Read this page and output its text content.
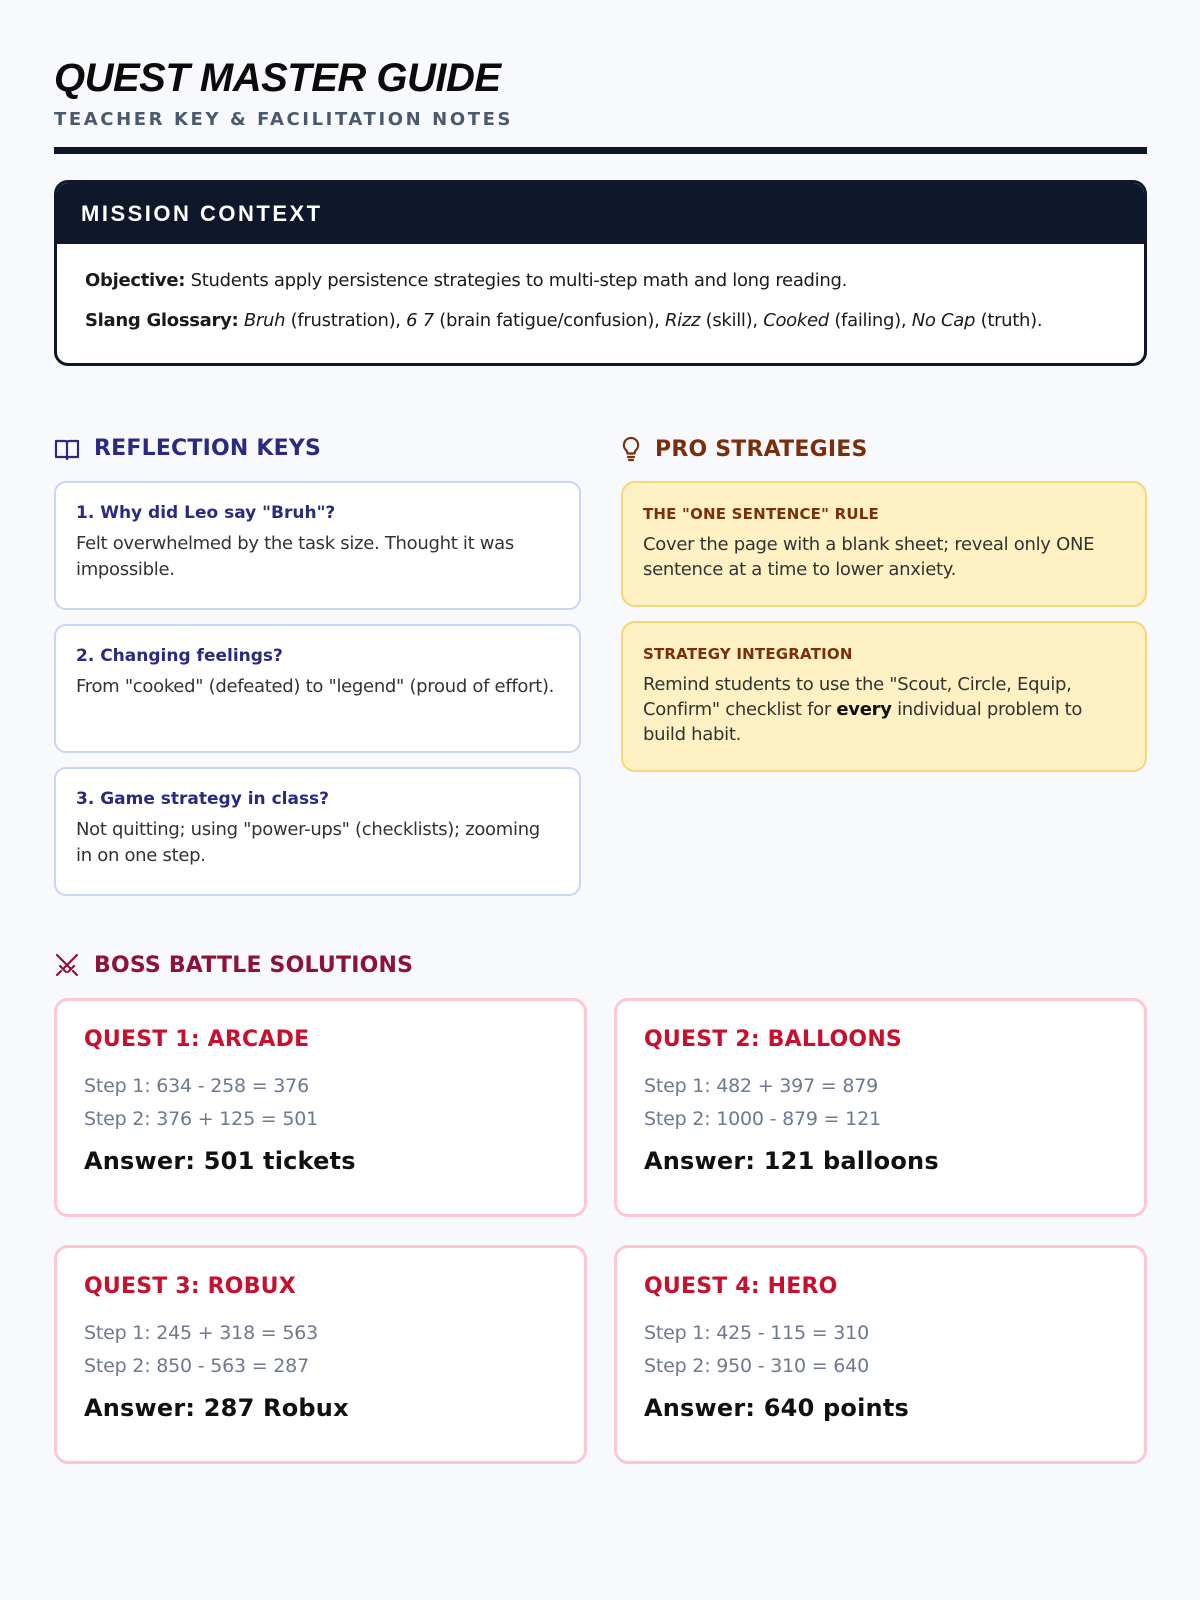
QUEST MASTER GUIDE
TEACHER KEY & FACILITATION NOTES
MISSION CONTEXT
Objective: Students apply persistence strategies to multi-step math and long reading.
Slang Glossary: Bruh (frustration), 6 7 (brain fatigue/confusion), Rizz (skill), Cooked (failing), No Cap (truth).
REFLECTION KEYS
1. Why did Leo say "Bruh"?
Felt overwhelmed by the task size. Thought it was impossible.
2. Changing feelings?
From "cooked" (defeated) to "legend" (proud of effort).
3. Game strategy in class?
Not quitting; using "power-ups" (checklists); zooming in on one step.
PRO STRATEGIES
THE "ONE SENTENCE" RULE
Cover the page with a blank sheet; reveal only ONE sentence at a time to lower anxiety.
STRATEGY INTEGRATION
Remind students to use the "Scout, Circle, Equip, Confirm" checklist for every individual problem to build habit.
BOSS BATTLE SOLUTIONS
QUEST 1: ARCADE
Step 1: 634 - 258 = 376
Step 2: 376 + 125 = 501
Answer: 501 tickets
QUEST 2: BALLOONS
Step 1: 482 + 397 = 879
Step 2: 1000 - 879 = 121
Answer: 121 balloons
QUEST 3: ROBUX
Step 1: 245 + 318 = 563
Step 2: 850 - 563 = 287
Answer: 287 Robux
QUEST 4: HERO
Step 1: 425 - 115 = 310
Step 2: 950 - 310 = 640
Answer: 640 points
